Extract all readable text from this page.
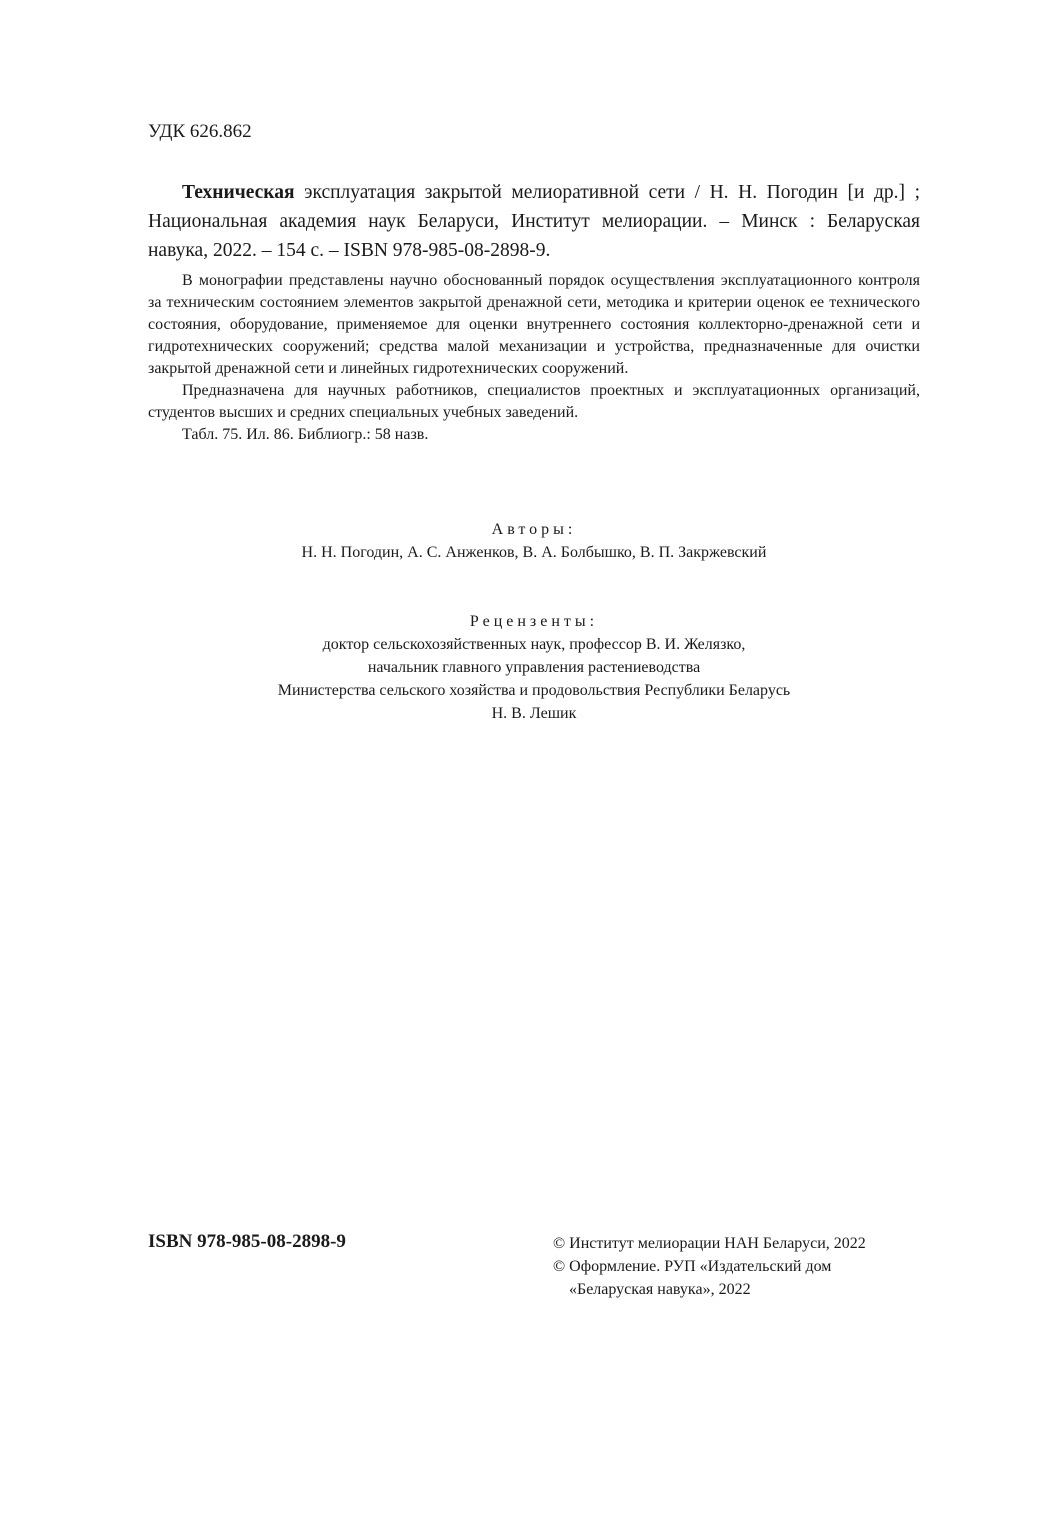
УДК 626.862
Техническая эксплуатация закрытой мелиоративной сети / Н. Н. Погодин [и др.] ; Национальная академия наук Беларуси, Институт мелиорации. – Минск : Беларуская навука, 2022. – 154 с. – ISBN 978-985-08-2898-9.

В монографии представлены научно обоснованный порядок осуществления эксплуатационного контроля за техническим состоянием элементов закрытой дренажной сети, методика и критерии оценок ее технического состояния, оборудование, применяемое для оценки внутреннего состояния коллекторно-дренажной сети и гидротехнических сооружений; средства малой механизации и устройства, предназначенные для очистки закрытой дренажной сети и линейных гидротехнических сооружений.

Предназначена для научных работников, специалистов проектных и эксплуатационных организаций, студентов высших и средних специальных учебных заведений.

Табл. 75. Ил. 86. Библиогр.: 58 назв.

Авторы:
Н. Н. Погодин, А. С. Анженков, В. А. Болбышко, В. П. Закржевский
Рецензенты:
доктор сельскохозяйственных наук, профессор В. И. Желязко,
начальник главного управления растениеводства
Министерства сельского хозяйства и продовольствия Республики Беларусь
Н. В. Лешик
ISBN 978-985-08-2898-9	© Институт мелиорации НАН Беларуси, 2022
© Оформление. РУП «Издательский дом
«Беларуская навука», 2022
